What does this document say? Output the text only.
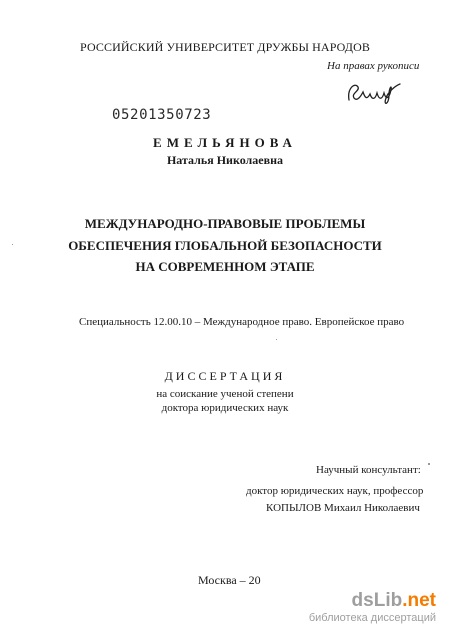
РОССИЙСКИЙ УНИВЕРСИТЕТ ДРУЖБЫ НАРОДОВ
На правах рукописи
05201350723
ЕМЕЛЬЯНОВА
Наталья Николаевна
МЕЖДУНАРОДНО-ПРАВОВЫЕ ПРОБЛЕМЫ
ОБЕСПЕЧЕНИЯ ГЛОБАЛЬНОЙ БЕЗОПАСНОСТИ
НА СОВРЕМЕННОМ ЭТАПЕ
Специальность 12.00.10 – Международное право. Европейское право
ДИССЕРТАЦИЯ
на соискание ученой степени
доктора юридических наук
Научный консультант:
доктор юридических наук, профессор
КОПЫЛОВ Михаил Николаевич
Москва – 20
dsLib.net
библиотека диссертаций
